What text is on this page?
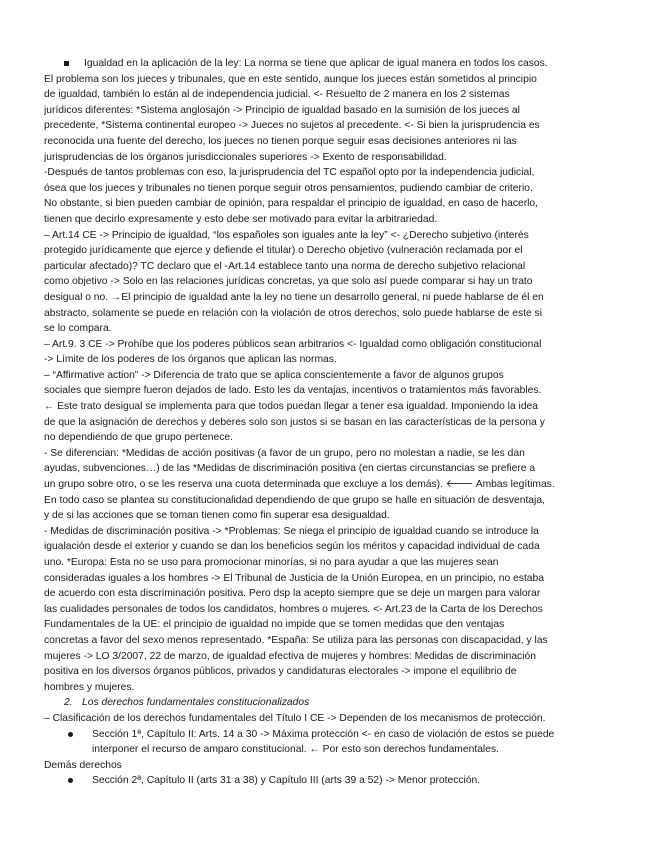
Igualdad en la aplicación de la ley: La norma se tiene que aplicar de igual manera en todos los casos.
El problema son los jueces y tribunales, que en este sentido, aunque los jueces están sometidos al principio
de igualdad, también lo están al de independencia judicial. <- Resuelto de 2 manera en los 2 sistemas
jurídicos diferentes: *Sistema anglosajón -> Principio de igualdad basado en la sumisión de los jueces al
precedente, *Sistema continental europeo -> Jueces no sujetos al precedente. <- Si bien la jurisprudencia es
reconocida una fuente del derecho, los jueces no tienen porque seguir esas decisiones anteriores ni las
jurisprudencias de los órganos jurisdiccionales superiores -> Exento de responsabilidad.
-Después de tantos problemas con eso, la jurisprudencia del TC español opto por la independencia judicial,
ósea que los jueces y tribunales no tienen porque seguir otros pensamientos, pudiendo cambiar de criterio.
No obstante, si bien pueden cambiar de opinión, para respaldar el principio de igualdad, en caso de hacerlo,
tienen que decirlo expresamente y esto debe ser motivado para evitar la arbitrariedad.
– Art.14 CE -> Principio de igualdad, “los españoles son iguales ante la ley” <- ¿Derecho subjetivo (interés
protegido jurídicamente que ejerce y defiende el titular) o Derecho objetivo (vulneración reclamada por el
particular afectado)? TC declaro que el -Art.14 establece tanto una norma de derecho subjetivo relacional
como objetivo -> Solo en las relaciones jurídicas concretas, ya que solo así puede comparar si hay un trato
desigual o no. →El principio de igualdad ante la ley no tiene un desarrollo general, ni puede hablarse de él en
abstracto, solamente se puede en relación con la violación de otros derechos, solo puede hablarse de este si
se lo compara.
– Art.9. 3 CE -> Prohíbe que los poderes públicos sean arbitrarios <- Igualdad como obligación constitucional
-> Límite de los poderes de los órganos que aplican las normas.
– “Affirmative action” -> Diferencia de trato que se aplica conscientemente a favor de algunos grupos
sociales que siempre fueron dejados de lado. Esto les da ventajas, incentivos o tratamientos más favorables.
← Este trato desigual se implementa para que todos puedan llegar a tener esa igualdad. Imponiendo la idea
de que la asignación de derechos y deberes solo son justos si se basan en las características de la persona y
no dependiendo de que grupo pertenece.
- Se diferencian: *Medidas de acción positivas (a favor de un grupo, pero no molestan a nadie, se les dan
ayudas, subvenciones…) de las *Medidas de discriminación positiva (en ciertas circunstancias se prefiere a
un grupo sobre otro, o se les reserva una cuota determinada que excluye a los demás). 🡐 Ambas legítimas.
En todo caso se plantea su constitucionalidad dependiendo de que grupo se halle en situación de desventaja,
y de si las acciones que se toman tienen como fin superar esa desigualdad.
- Medidas de discriminación positiva -> *Problemas: Se niega el principio de igualdad cuando se introduce la
igualación desde el exterior y cuando se dan los beneficios según los méritos y capacidad individual de cada
uno. *Europa: Esta no se uso para promocionar minorías, si no para ayudar a que las mujeres sean
consideradas iguales a los hombres -> El Tribunal de Justicia de la Unión Europea, en un principio, no estaba
de acuerdo con esta discriminación positiva. Pero dsp la acepto siempre que se deje un margen para valorar
las cualidades personales de todos los candidatos, hombres o mujeres. <- Art.23 de la Carta de los Derechos
Fundamentales de la UE: el principio de igualdad no impide que se tomen medidas que den ventajas
concretas a favor del sexo menos representado. *España: Se utiliza para las personas con discapacidad, y las
mujeres -> LO 3/2007, 22 de marzo, de igualdad efectiva de mujeres y hombres: Medidas de discriminación
positiva en los diversos órganos públicos, privados y candidaturas electorales -> impone el equilibrio de
hombres y mujeres.
2. Los derechos fundamentales constitucionalizados
– Clasificación de los derechos fundamentales del Título I CE -> Dependen de los mecanismos de protección.
Sección 1ª, Capítulo II: Arts. 14 a 30 -> Máxima protección <- en caso de violación de estos se puede
interponer el recurso de amparo constitucional. ← Por esto son derechos fundamentales.
Demás derechos
Sección 2ª, Capítulo II (arts 31 a 38) y Capítulo III (arts 39 a 52) -> Menor protección.
